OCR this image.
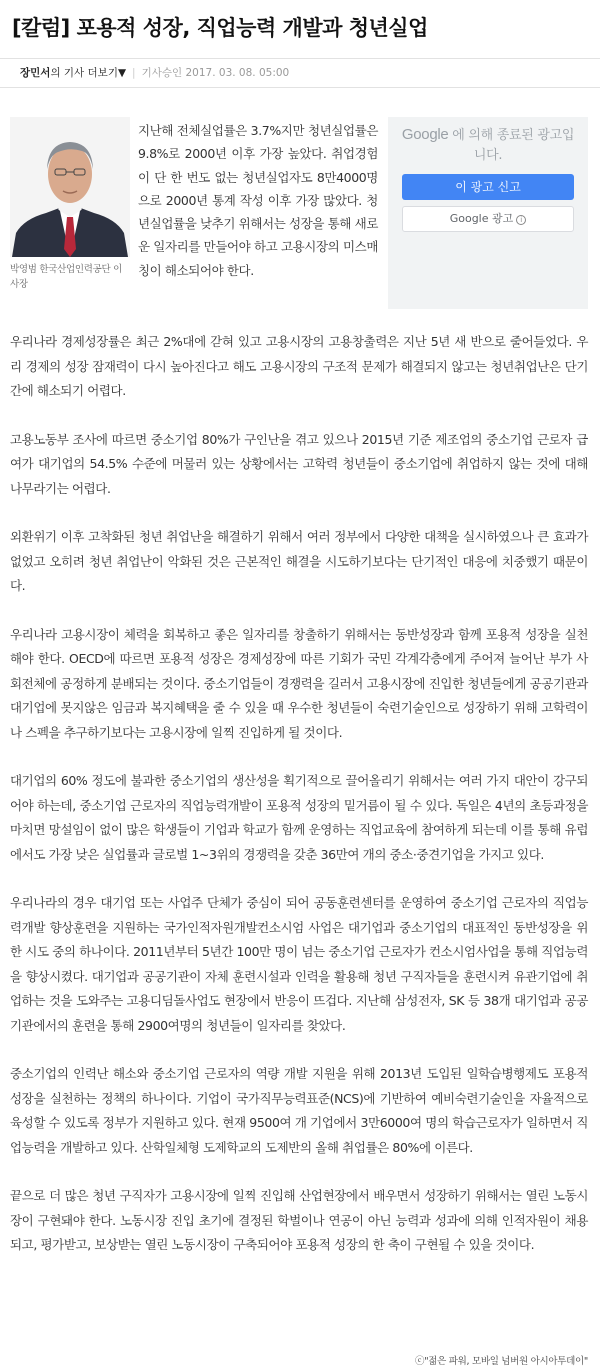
[칼럼] 포용적 성장, 직업능력 개발과 청년실업
장민서의 기사 더보기▼ | 기사승인 2017. 03. 08. 05:00
박영범 한국산업인력공단 이사장

지난해 전체실업률은 3.7%지만 청년실업률은 9.8%로 2000년 이후 가장 높았다. 취업경험이 단 한 번도 없는 청년실업자도 8만4000명으로 2000년 통계 작성 이후 가장 많았다. 청년실업률을 낮추기 위해서는 성장을 통해 새로운 일자리를 만들어야 하고 고용시장의 미스매칭이 해소되어야 한다.

Google 에 의해 종료된 광고입니다.
이 광고 신고
Google 광고 i

우리나라 경제성장률은 최근 2%대에 갇혀 있고 고용시장의 고용창출력은 지난 5년 새 반으로 줄어들었다. 우리 경제의 성장 잠재력이 다시 높아진다고 해도 고용시장의 구조적 문제가 해결되지 않고는 청년취업난은 단기간에 해소되기 어렵다.

고용노동부 조사에 따르면 중소기업 80%가 구인난을 겪고 있으나 2015년 기준 제조업의 중소기업 근로자 급여가 대기업의 54.5% 수준에 머물러 있는 상황에서는 고학력 청년들이 중소기업에 취업하지 않는 것에 대해 나무라기는 어렵다.

외환위기 이후 고착화된 청년 취업난을 해결하기 위해서 여러 정부에서 다양한 대책을 실시하였으나 큰 효과가 없었고 오히려 청년 취업난이 악화된 것은 근본적인 해결을 시도하기보다는 단기적인 대응에 치중했기 때문이다.

우리나라 고용시장이 체력을 회복하고 좋은 일자리를 창출하기 위해서는 동반성장과 함께 포용적 성장을 실천해야 한다. OECD에 따르면 포용적 성장은 경제성장에 따른 기회가 국민 각계각층에게 주어져 늘어난 부가 사회전체에 공정하게 분배되는 것이다. 중소기업들이 경쟁력을 길러서 고용시장에 진입한 청년들에게 공공기관과 대기업에 못지않은 임금과 복지혜택을 줄 수 있을 때 우수한 청년들이 숙련기술인으로 성장하기 위해 고학력이나 스펙을 추구하기보다는 고용시장에 일찍 진입하게 될 것이다.

대기업의 60% 정도에 불과한 중소기업의 생산성을 획기적으로 끌어올리기 위해서는 여러 가지 대안이 강구되어야 하는데, 중소기업 근로자의 직업능력개발이 포용적 성장의 밑거름이 될 수 있다. 독일은 4년의 초등과정을 마치면 망설임이 없이 많은 학생들이 기업과 학교가 함께 운영하는 직업교육에 참여하게 되는데 이를 통해 유럽에서도 가장 낮은 실업률과 글로벌 1~3위의 경쟁력을 갖춘 36만여 개의 중소·중견기업을 가지고 있다.

우리나라의 경우 대기업 또는 사업주 단체가 중심이 되어 공동훈련센터를 운영하여 중소기업 근로자의 직업능력개발 향상훈련을 지원하는 국가인적자원개발컨소시엄 사업은 대기업과 중소기업의 대표적인 동반성장을 위한 시도 중의 하나이다. 2011년부터 5년간 100만 명이 넘는 중소기업 근로자가 컨소시엄사업을 통해 직업능력을 향상시켰다. 대기업과 공공기관이 자체 훈련시설과 인력을 활용해 청년 구직자들을 훈련시켜 유관기업에 취업하는 것을 도와주는 고용디딤돌사업도 현장에서 반응이 뜨겁다. 지난해 삼성전자, SK 등 38개 대기업과 공공기관에서의 훈련을 통해 2900여명의 청년들이 일자리를 찾았다.

중소기업의 인력난 해소와 중소기업 근로자의 역량 개발 지원을 위해 2013년 도입된 일학습병행제도 포용적 성장을 실천하는 정책의 하나이다. 기업이 국가직무능력표준(NCS)에 기반하여 예비숙련기술인을 자율적으로 육성할 수 있도록 정부가 지원하고 있다. 현재 9500여 개 기업에서 3만6000여 명의 학습근로자가 일하면서 직업능력을 개발하고 있다. 산학일체형 도제학교의 도제반의 올해 취업률은 80%에 이른다.

끝으로 더 많은 청년 구직자가 고용시장에 일찍 진입해 산업현장에서 배우면서 성장하기 위해서는 열린 노동시장이 구현돼야 한다. 노동시장 진입 초기에 결정된 학벌이나 연공이 아닌 능력과 성과에 의해 인적자원이 채용되고, 평가받고, 보상받는 열린 노동시장이 구축되어야 포용적 성장의 한 축이 구현될 수 있을 것이다.

ⓒ"젊은 파워, 모바일 넘버원 아시아투데이"
